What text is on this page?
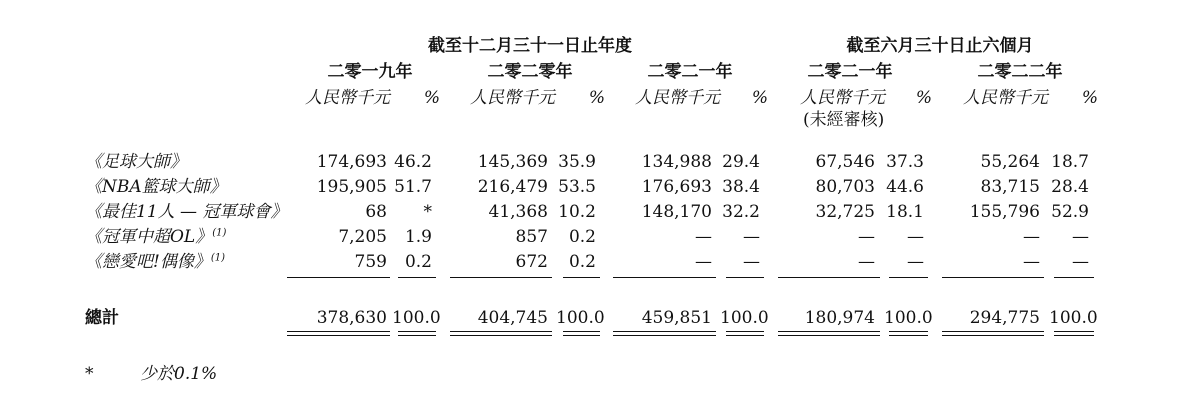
截至十二月三十一日止年度	截至六月三十日止六個月
二零一九年	二零二零年	二零二一年	二零二一年	二零二二年
人民幣千元	% 人民幣千元	% 人民幣千元	% 人民幣千元	% 人民幣千元	%
(未經審核)
《足球大師》	174,693 46.2	145,369 35.9	134,988 29.4	67,546 37.3	55,264 18.7
《NBA籃球大師》	195,905 51.7	216,479 53.5	176,693 38.4	80,703 44.6	83,715 28.4
《最佳11人 — 冠軍球會》	68	*	41,368 10.2	148,170 32.2	32,725 18.1	155,796 52.9
《冠軍中超OL》$^{(1)}$	7,205	1.9	857	0.2	—	—	—	—	—	—
《戀愛吧!偶像》$^{(1)}$	759	0.2	672	0.2	—	—	—	—	—	—
總計	378,630 100.0	404,745 100.0	459,851 100.0	180,974 100.0	294,775 100.0
*	少於0.1%
